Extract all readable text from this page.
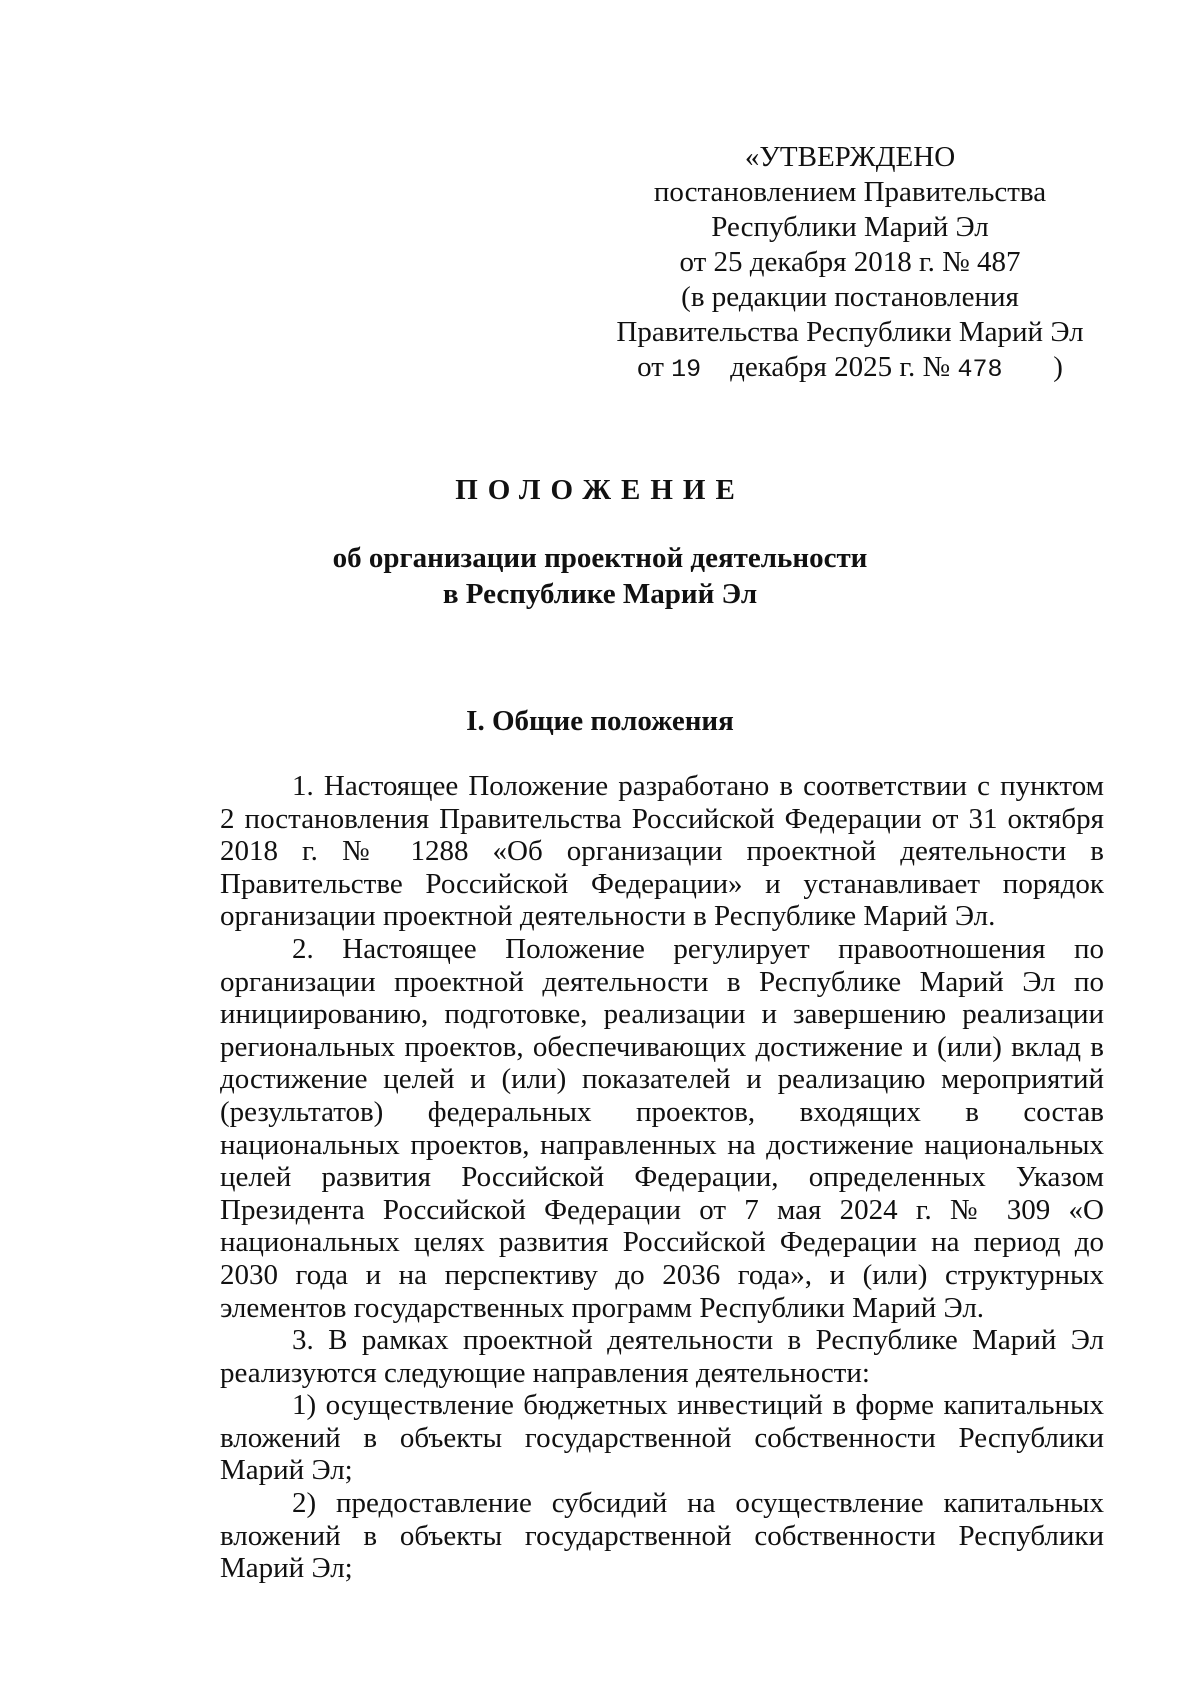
«УТВЕРЖДЕНО
постановлением Правительства
Республики Марий Эл
от 25 декабря 2018 г. № 487
(в редакции постановления
Правительства Республики Марий Эл
от 19 декабря 2025 г. № 478 )
ПОЛОЖЕНИЕ
об организации проектной деятельности
в Республике Марий Эл
I. Общие положения

1. Настоящее Положение разработано в соответствии с пунктом 2 постановления Правительства Российской Федерации от 31 октября 2018 г. № 1288 «Об организации проектной деятельности в Правительстве Российской Федерации» и устанавливает порядок организации проектной деятельности в Республике Марий Эл.

2. Настоящее Положение регулирует правоотношения по организации проектной деятельности в Республике Марий Эл по инициированию, подготовке, реализации и завершению реализации региональных проектов, обеспечивающих достижение и (или) вклад в достижение целей и (или) показателей и реализацию мероприятий (результатов) федеральных проектов, входящих в состав национальных проектов, направленных на достижение национальных целей развития Российской Федерации, определенных Указом Президента Российской Федерации от 7 мая 2024 г. № 309 «О национальных целях развития Российской Федерации на период до 2030 года и на перспективу до 2036 года», и (или) структурных элементов государственных программ Республики Марий Эл.

3. В рамках проектной деятельности в Республике Марий Эл реализуются следующие направления деятельности:

1) осуществление бюджетных инвестиций в форме капитальных вложений в объекты государственной собственности Республики Марий Эл;

2) предоставление субсидий на осуществление капитальных вложений в объекты государственной собственности Республики Марий Эл;
